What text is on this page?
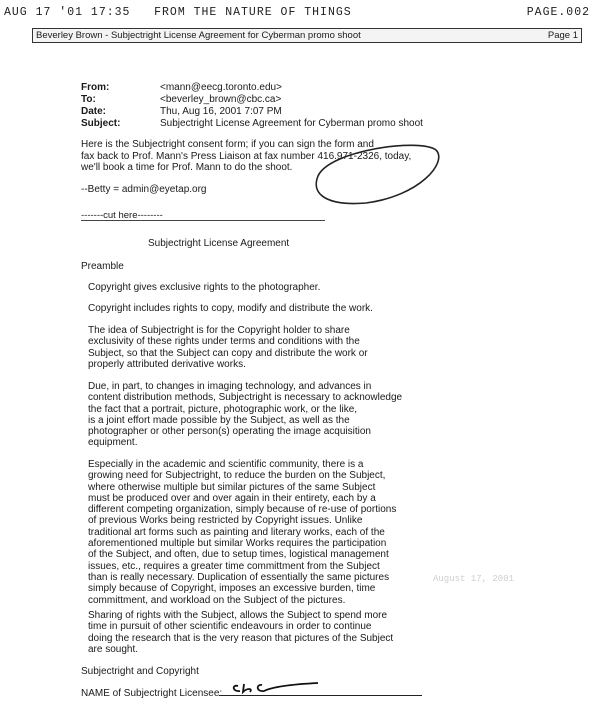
AUG 17 '01 17:35   FROM THE NATURE OF THINGS	PAGE.002
Beverley Brown - Subjectright License Agreement for Cyberman promo shoot	Page 1
From:	<mann@eecg.toronto.edu>
To:	<beverley_brown@cbc.ca>
Date:	Thu, Aug 16, 2001 7:07 PM
Subject:	Subjectright License Agreement for Cyberman promo shoot
Here is the Subjectright consent form; if you can sign the form and
fax back to Prof. Mann's Press Liaison at fax number 416.971-2326, today,
we'll book a time for Prof. Mann to do the shoot.
--Betty = admin@eyetap.org
-------cut here--------
Subjectright License Agreement
Preamble
Copyright gives exclusive rights to the photographer.
Copyright includes rights to copy, modify and distribute the work.
The idea of Subjectright is for the Copyright holder to share
exclusivity of these rights under terms and conditions with the
Subject, so that the Subject can copy and distribute the work or
properly attributed derivative works.
Due, in part, to changes in imaging technology, and advances in
content distribution methods, Subjectright is necessary to acknowledge
the fact that a portrait, picture, photographic work, or the like,
is a joint effort made possible by the Subject, as well as the
photographer or other person(s) operating the image acquisition
equipment.
Especially in the academic and scientific community, there is a
growing need for Subjectright, to reduce the burden on the Subject,
where otherwise multiple but similar pictures of the same Subject
must be produced over and over again in their entirety, each by a
different competing organization, simply because of re-use of portions
of previous Works being restricted by Copyright issues. Unlike
traditional art forms such as painting and literary works, each of the
aforementioned multiple but similar Works requires the participation
of the Subject, and often, due to setup times, logistical management
issues, etc., requires a greater time committment from the Subject
than is really necessary. Duplication of essentially the same pictures
simply because of Copyright, imposes an excessive burden, time
committment, and workload on the Subject of the pictures.
August 17, 2001
Sharing of rights with the Subject, allows the Subject to spend more
time in pursuit of other scientific endeavours in order to continue
doing the research that is the very reason that pictures of the Subject
are sought.
Subjectright and Copyright
NAME of Subjectright Licensee:
